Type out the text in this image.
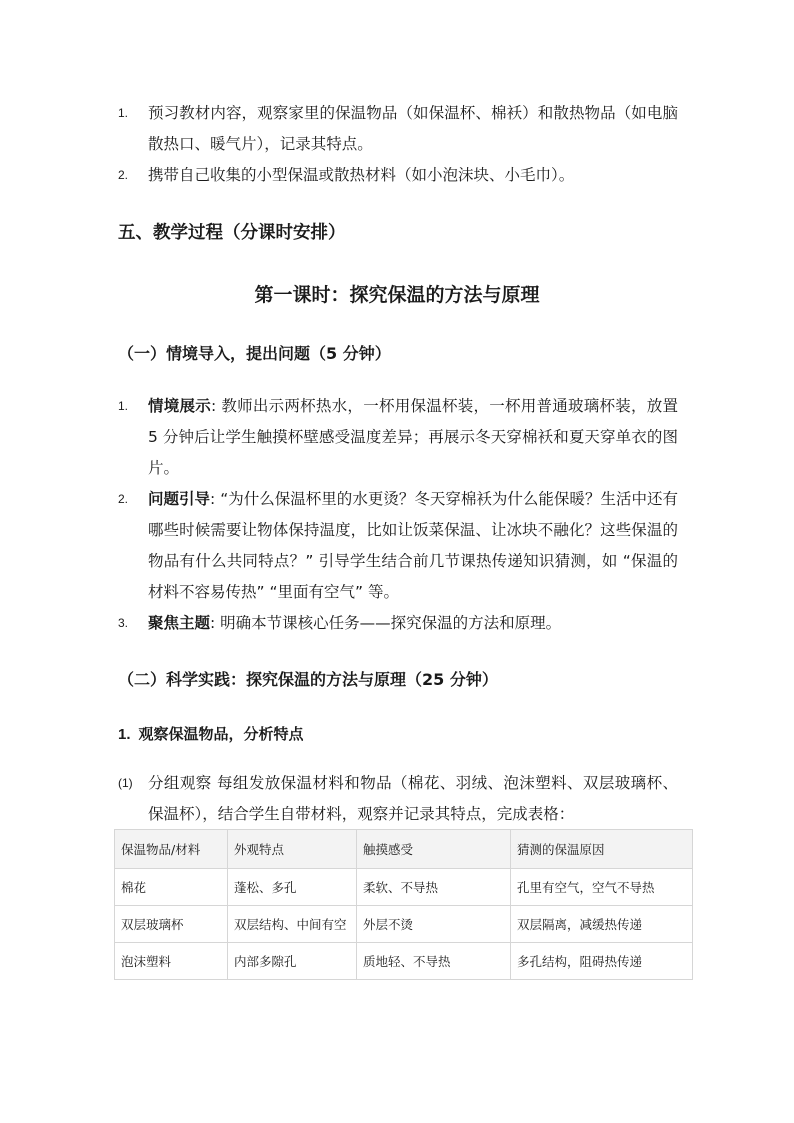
1. 预习教材内容，观察家里的保温物品（如保温杯、棉袄）和散热物品（如电脑散热口、暖气片），记录其特点。
2. 携带自己收集的小型保温或散热材料（如小泡沫块、小毛巾）。
五、教学过程（分课时安排）
第一课时：探究保温的方法与原理
（一）情境导入，提出问题（5 分钟）
1. 情境展示: 教师出示两杯热水，一杯用保温杯装，一杯用普通玻璃杯装，放置 5 分钟后让学生触摸杯壁感受温度差异；再展示冬天穿棉袄和夏天穿单衣的图片。
2. 问题引导: “为什么保温杯里的水更烫？冬天穿棉袄为什么能保暖？生活中还有哪些时候需要让物体保持温度，比如让饭菜保温、让冰块不融化？这些保温的物品有什么共同特点？” 引导学生结合前几节课热传递知识猜测，如 “保温的材料不容易传热” “里面有空气” 等。
3. 聚焦主题: 明确本节课核心任务——探究保温的方法和原理。
（二）科学实践：探究保温的方法与原理（25 分钟）
1. 观察保温物品，分析特点
(1) 分组观察 每组发放保温材料和物品（棉花、羽绒、泡沫塑料、双层玻璃杯、保温杯），结合学生自带材料，观察并记录其特点，完成表格：
保温物品/材料	外观特点	触摸感受	猜测的保温原因
棉花	蓬松、多孔	柔软、不导热	孔里有空气，空气不导热
双层玻璃杯	双层结构、中间有空	外层不烫	双层隔离，减缓热传递
泡沫塑料	内部多隙孔	质地轻、不导热	多孔结构，阻碍热传递
